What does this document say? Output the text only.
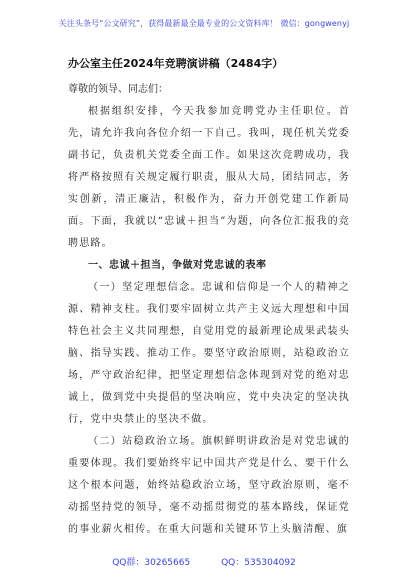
关注头条号“公文研究”，获得最新最全最专业的公文资料库！ 微信：gongwenyj
办公室主任2024年竞聘演讲稿（2484字）
尊敬的领导、同志们：

根据组织安排，今天我参加竞聘党办主任职位。首先，请允许我向各位介绍一下自己。我叫，现任机关党委副书记，负责机关党委全面工作。如果这次竞聘成功，我将严格按照有关规定履行职责，服从大局，团结同志，务实创新，清正廉洁，积极作为，奋力开创党建工作新局面。下面，我就以“忠诚＋担当”为题，向各位汇报我的竞聘思路。

一、忠诚＋担当，争做对党忠诚的表率

（一）坚定理想信念。忠诚和信仰是一个人的精神之源、精神支柱。我们要牢固树立共产主义远大理想和中国特色社会主义共同理想，自觉用党的最新理论成果武装头脑、指导实践、推动工作。要坚守政治原则，站稳政治立场，严守政治纪律，把坚定理想信念体现到对党的绝对忠诚上，做到党中央提倡的坚决响应，党中央决定的坚决执行，党中央禁止的坚决不做。

（二）站稳政治立场。旗帜鲜明讲政治是对党忠诚的重要体现。我们要始终牢记中国共产党是什么、要干什么这个根本问题，始终站稳政治立场，坚守政治原则，毫不动摇坚持党的领导，毫不动摇贯彻党的基本路线，保证党的事业薪火相传。在重大问题和关键环节上头脑清醒、旗

QQ群：30265665	QQ：535304092
